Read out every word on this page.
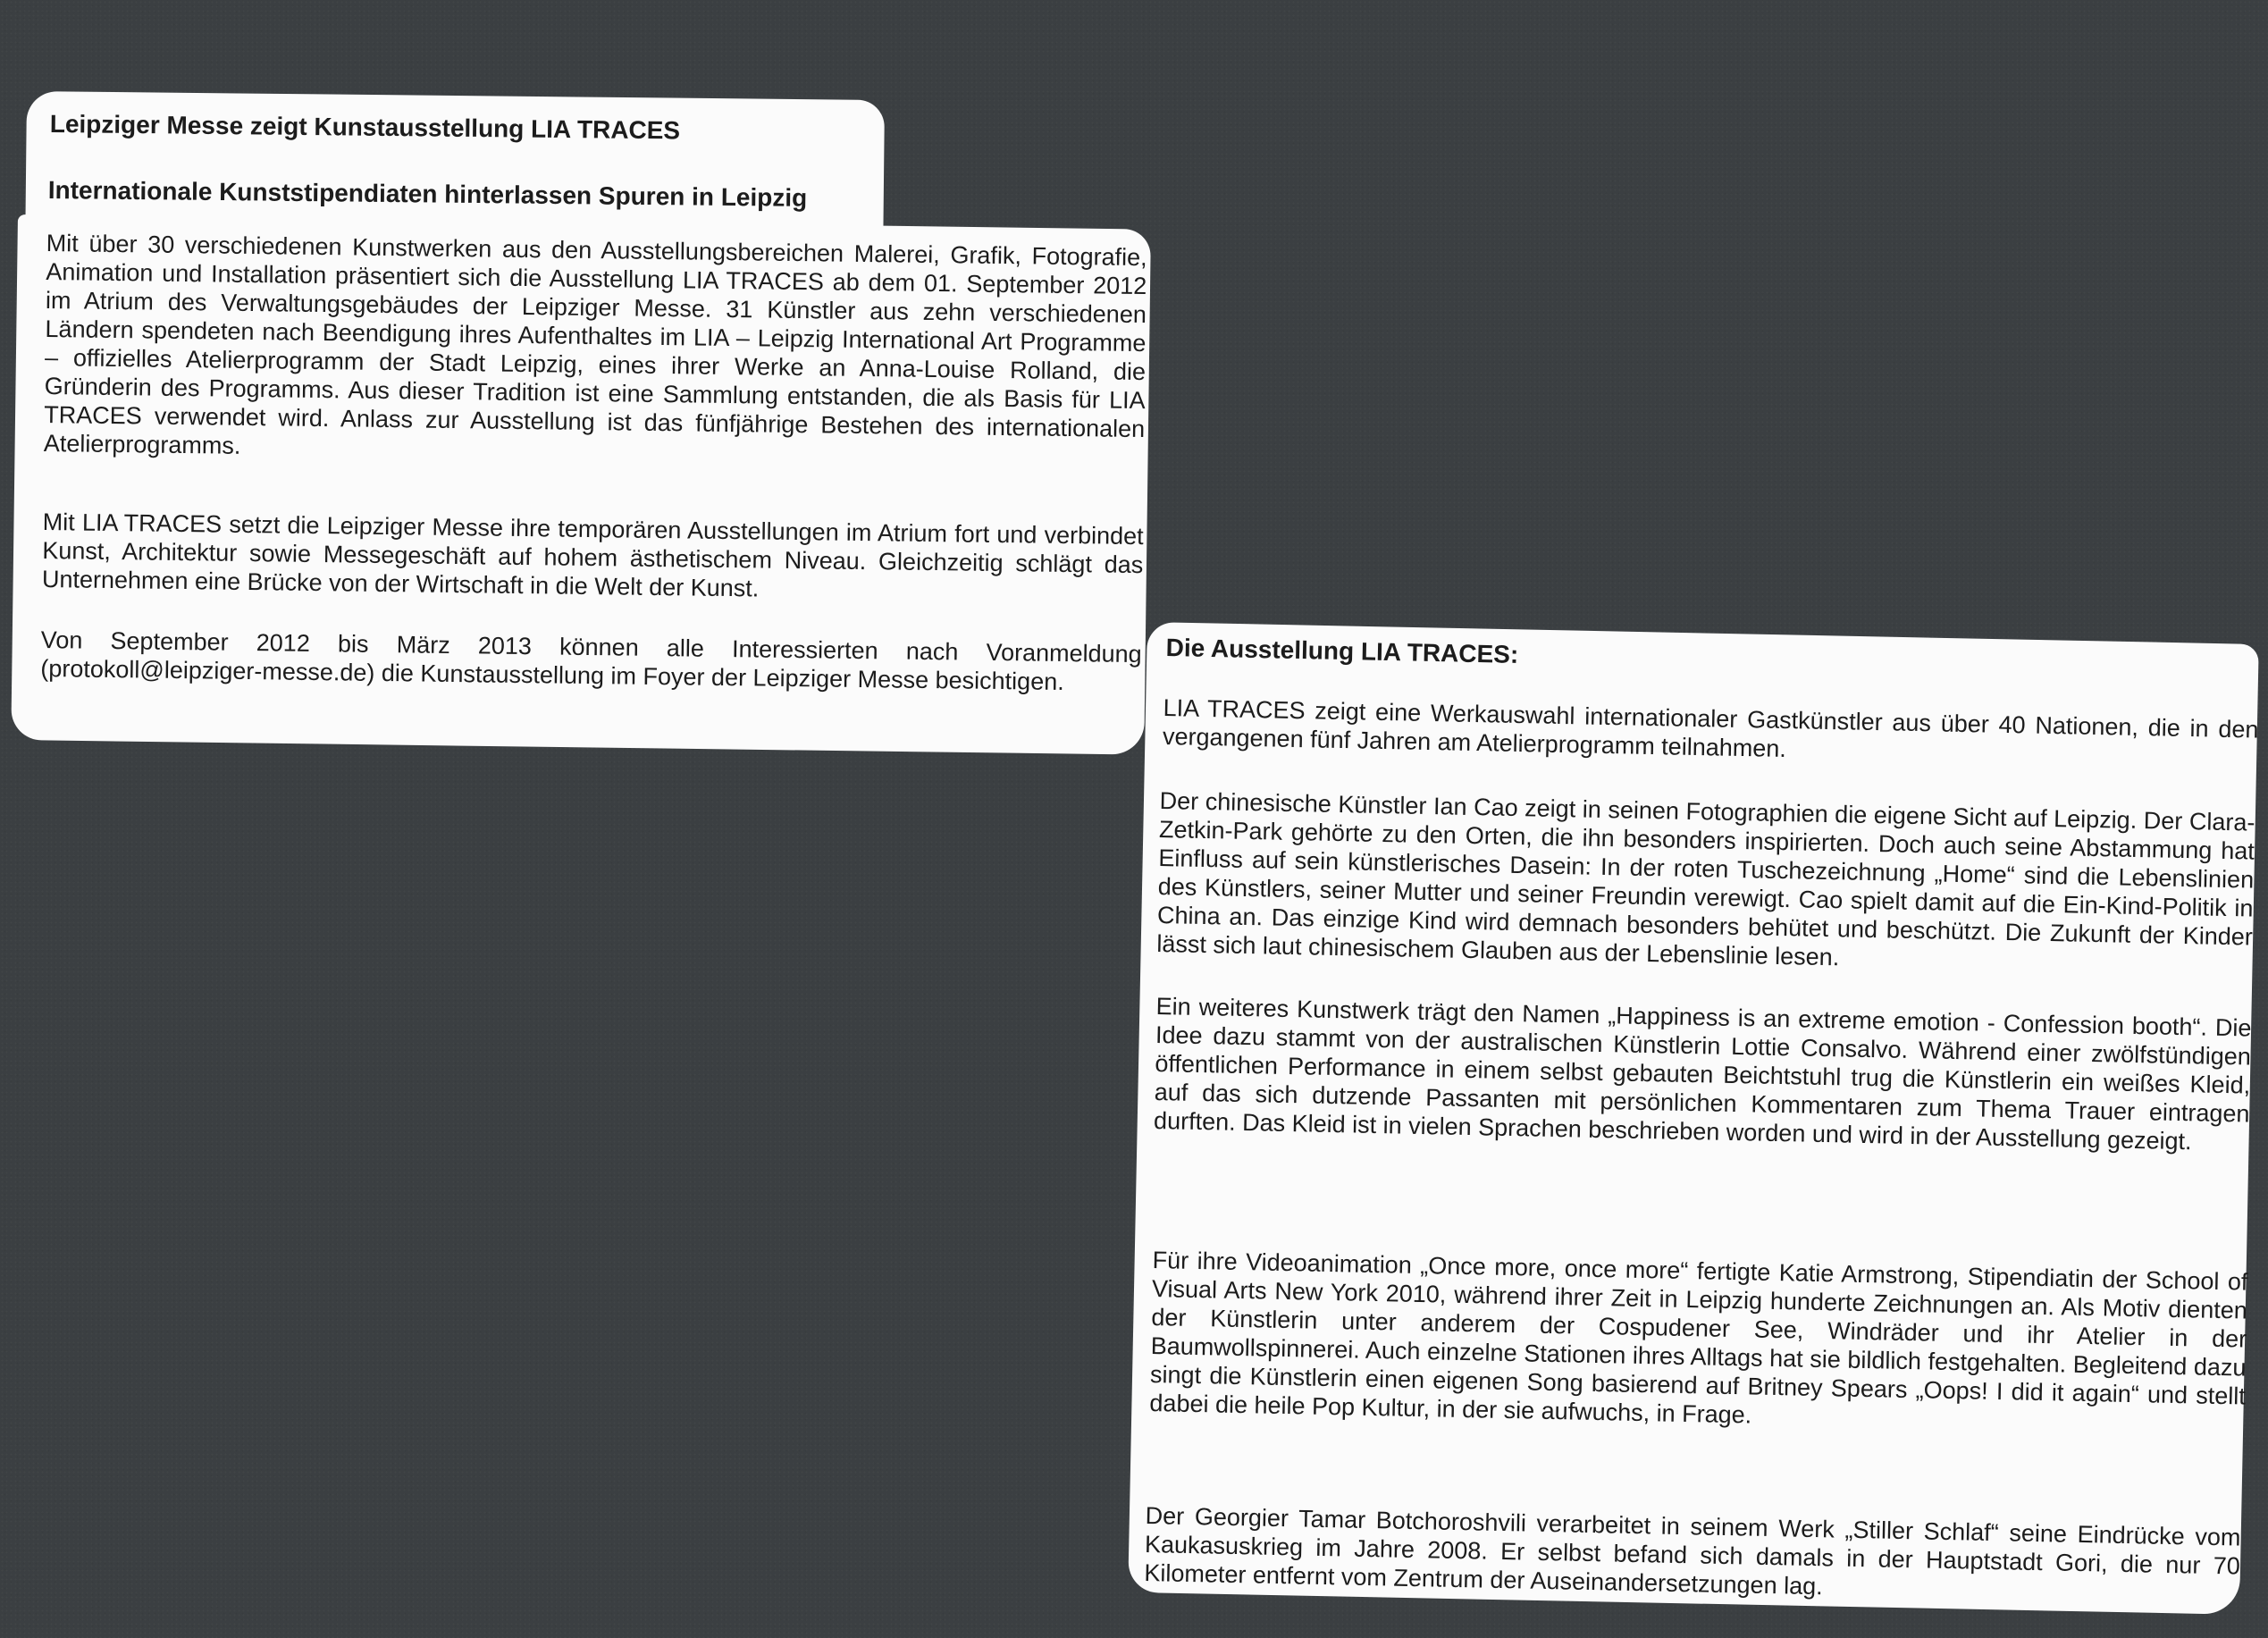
Leipziger Messe zeigt Kunstausstellung LIA TRACES

Internationale Kunststipendiaten hinterlassen Spuren in Leipzig

Mit über 30 verschiedenen Kunstwerken aus den Ausstellungsbereichen Malerei, Grafik, Fotografie, Animation und Installation präsentiert sich die Ausstellung LIA TRACES ab dem 01. September 2012 im Atrium des Verwaltungsgebäudes der Leipziger Messe. 31 Künstler aus zehn verschiedenen Ländern spendeten nach Beendigung ihres Aufenthaltes im LIA – Leipzig International Art Programme – offizielles Atelierprogramm der Stadt Leipzig, eines ihrer Werke an Anna-Louise Rolland, die Gründerin des Programms. Aus dieser Tradition ist eine Sammlung entstanden, die als Basis für LIA TRACES verwendet wird. Anlass zur Ausstellung ist das fünfjährige Bestehen des internationalen Atelierprogramms.

Mit LIA TRACES setzt die Leipziger Messe ihre temporären Ausstellungen im Atrium fort und verbindet Kunst, Architektur sowie Messegeschäft auf hohem ästhetischem Niveau. Gleichzeitig schlägt das Unternehmen eine Brücke von der Wirtschaft in die Welt der Kunst.

Von September 2012 bis März 2013 können alle Interessierten nach Voranmeldung (protokoll@leipziger-messe.de) die Kunstausstellung im Foyer der Leipziger Messe besichtigen.

Die Ausstellung LIA TRACES:

LIA TRACES zeigt eine Werkauswahl internationaler Gastkünstler aus über 40 Nationen, die in den vergangenen fünf Jahren am Atelierprogramm teilnahmen.

Der chinesische Künstler Ian Cao zeigt in seinen Fotographien die eigene Sicht auf Leipzig. Der Clara-Zetkin-Park gehörte zu den Orten, die ihn besonders inspirierten. Doch auch seine Abstammung hat Einfluss auf sein künstlerisches Dasein: In der roten Tuschezeichnung „Home“ sind die Lebenslinien des Künstlers, seiner Mutter und seiner Freundin verewigt. Cao spielt damit auf die Ein-Kind-Politik in China an. Das einzige Kind wird demnach besonders behütet und beschützt. Die Zukunft der Kinder lässt sich laut chinesischem Glauben aus der Lebenslinie lesen.

Ein weiteres Kunstwerk trägt den Namen „Happiness is an extreme emotion - Confession booth“. Die Idee dazu stammt von der australischen Künstlerin Lottie Consalvo. Während einer zwölfstündigen öffentlichen Performance in einem selbst gebauten Beichtstuhl trug die Künstlerin ein weißes Kleid, auf das sich dutzende Passanten mit persönlichen Kommentaren zum Thema Trauer eintragen durften. Das Kleid ist in vielen Sprachen beschrieben worden und wird in der Ausstellung gezeigt.

Für ihre Videoanimation „Once more, once more“ fertigte Katie Armstrong, Stipendiatin der School of Visual Arts New York 2010, während ihrer Zeit in Leipzig hunderte Zeichnungen an. Als Motiv dienten der Künstlerin unter anderem der Cospudener See, Windräder und ihr Atelier in der Baumwollspinnerei. Auch einzelne Stationen ihres Alltags hat sie bildlich festgehalten. Begleitend dazu singt die Künstlerin einen eigenen Song basierend auf Britney Spears „Oops! I did it again“ und stellt dabei die heile Pop Kultur, in der sie aufwuchs, in Frage.

Der Georgier Tamar Botchoroshvili verarbeitet in seinem Werk „Stiller Schlaf“ seine Eindrücke vom Kaukasuskrieg im Jahre 2008. Er selbst befand sich damals in der Hauptstadt Gori, die nur 70 Kilometer entfernt vom Zentrum der Auseinandersetzungen lag.
